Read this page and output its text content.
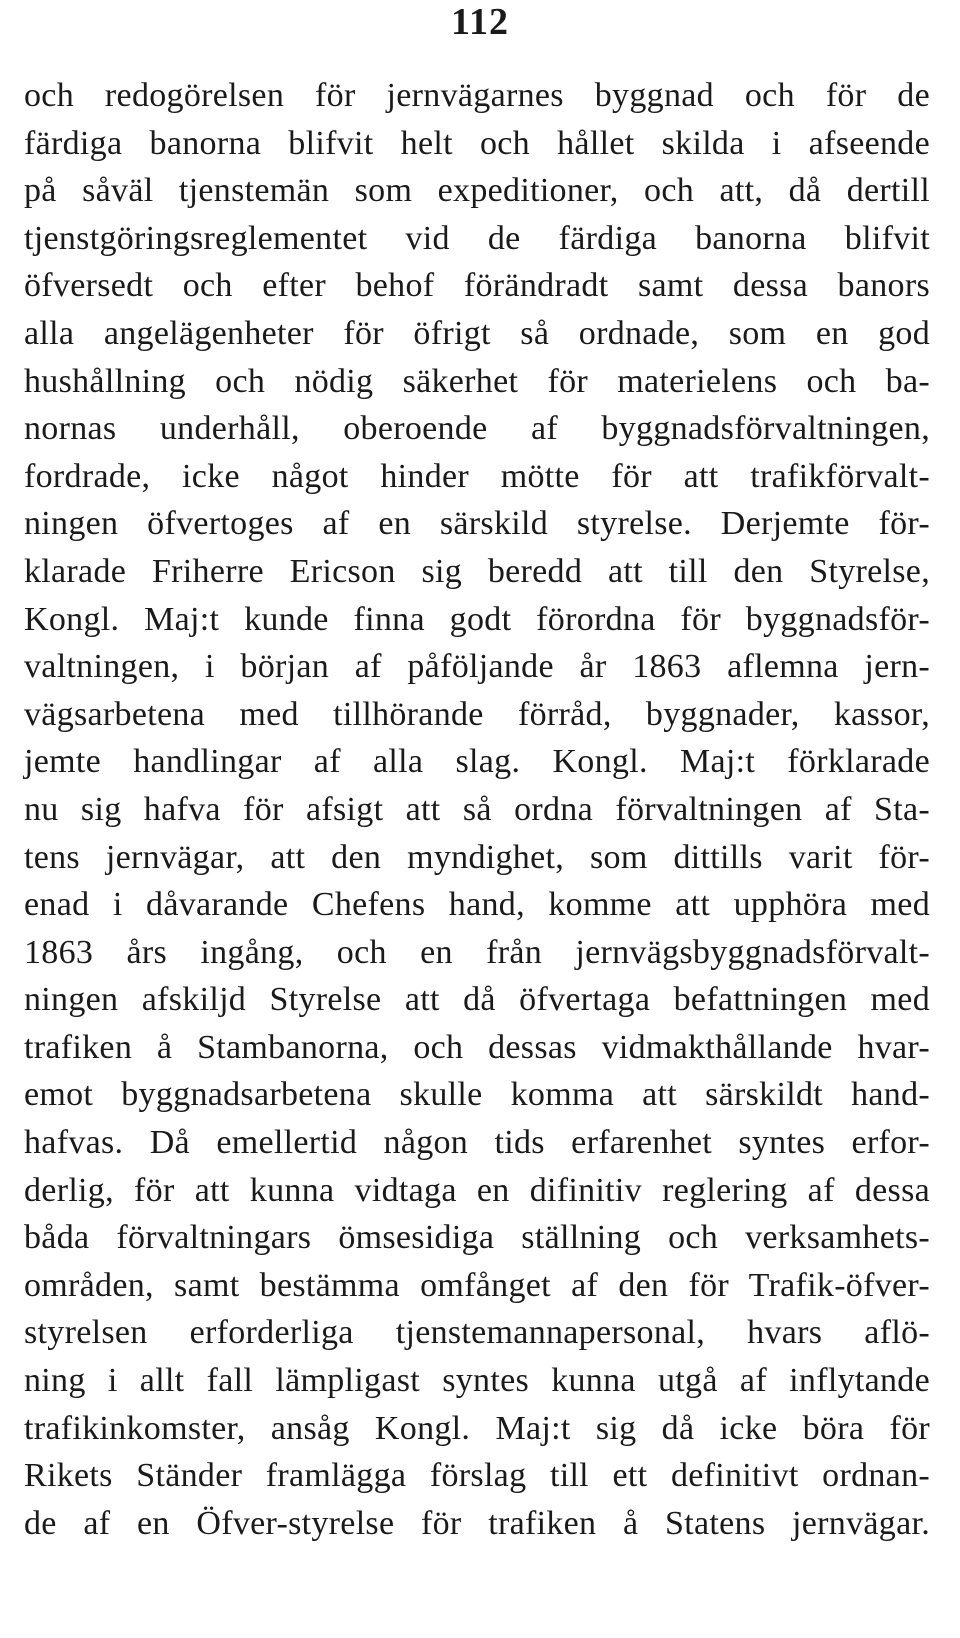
112
och redogörelsen för jernvägarnes byggnad och för de
färdiga banorna blifvit helt och hållet skilda i afseende
på såväl tjenstemän som expeditioner, och att, då dertill
tjenstgöringsreglementet vid de färdiga banorna blifvit
öfversedt och efter behof förändradt samt dessa banors
alla angelägenheter för öfrigt så ordnade, som en god
hushållning och nödig säkerhet för materielens och ba-
nornas underhåll, oberoende af byggnadsförvaltningen,
fordrade, icke något hinder mötte för att trafikförvalt-
ningen öfvertoges af en särskild styrelse. Derjemte för-
klarade Friherre Ericson sig beredd att till den Styrelse,
Kongl. Maj:t kunde finna godt förordna för byggnadsför-
valtningen, i början af påföljande år 1863 aflemna jern-
vägsarbetena med tillhörande förråd, byggnader, kassor,
jemte handlingar af alla slag. Kongl. Maj:t förklarade
nu sig hafva för afsigt att så ordna förvaltningen af Sta-
tens jernvägar, att den myndighet, som dittills varit för-
enad i dåvarande Chefens hand, komme att upphöra med
1863 års ingång, och en från jernvägsbyggnadsförvalt-
ningen afskiljd Styrelse att då öfvertaga befattningen med
trafiken å Stambanorna, och dessas vidmakthållande hvar-
emot byggnadsarbetena skulle komma att särskildt hand-
hafvas. Då emellertid någon tids erfarenhet syntes erfor-
derlig, för att kunna vidtaga en difinitiv reglering af dessa
båda förvaltningars ömsesidiga ställning och verksamhets-
områden, samt bestämma omfånget af den för Trafik-öfver-
styrelsen erforderliga tjenstemannapersonal, hvars aflö-
ning i allt fall lämpligast syntes kunna utgå af inflytande
trafikinkomster, ansåg Kongl. Maj:t sig då icke böra för
Rikets Ständer framlägga förslag till ett definitivt ordnan-
de af en Öfver-styrelse för trafiken å Statens jernvägar.
